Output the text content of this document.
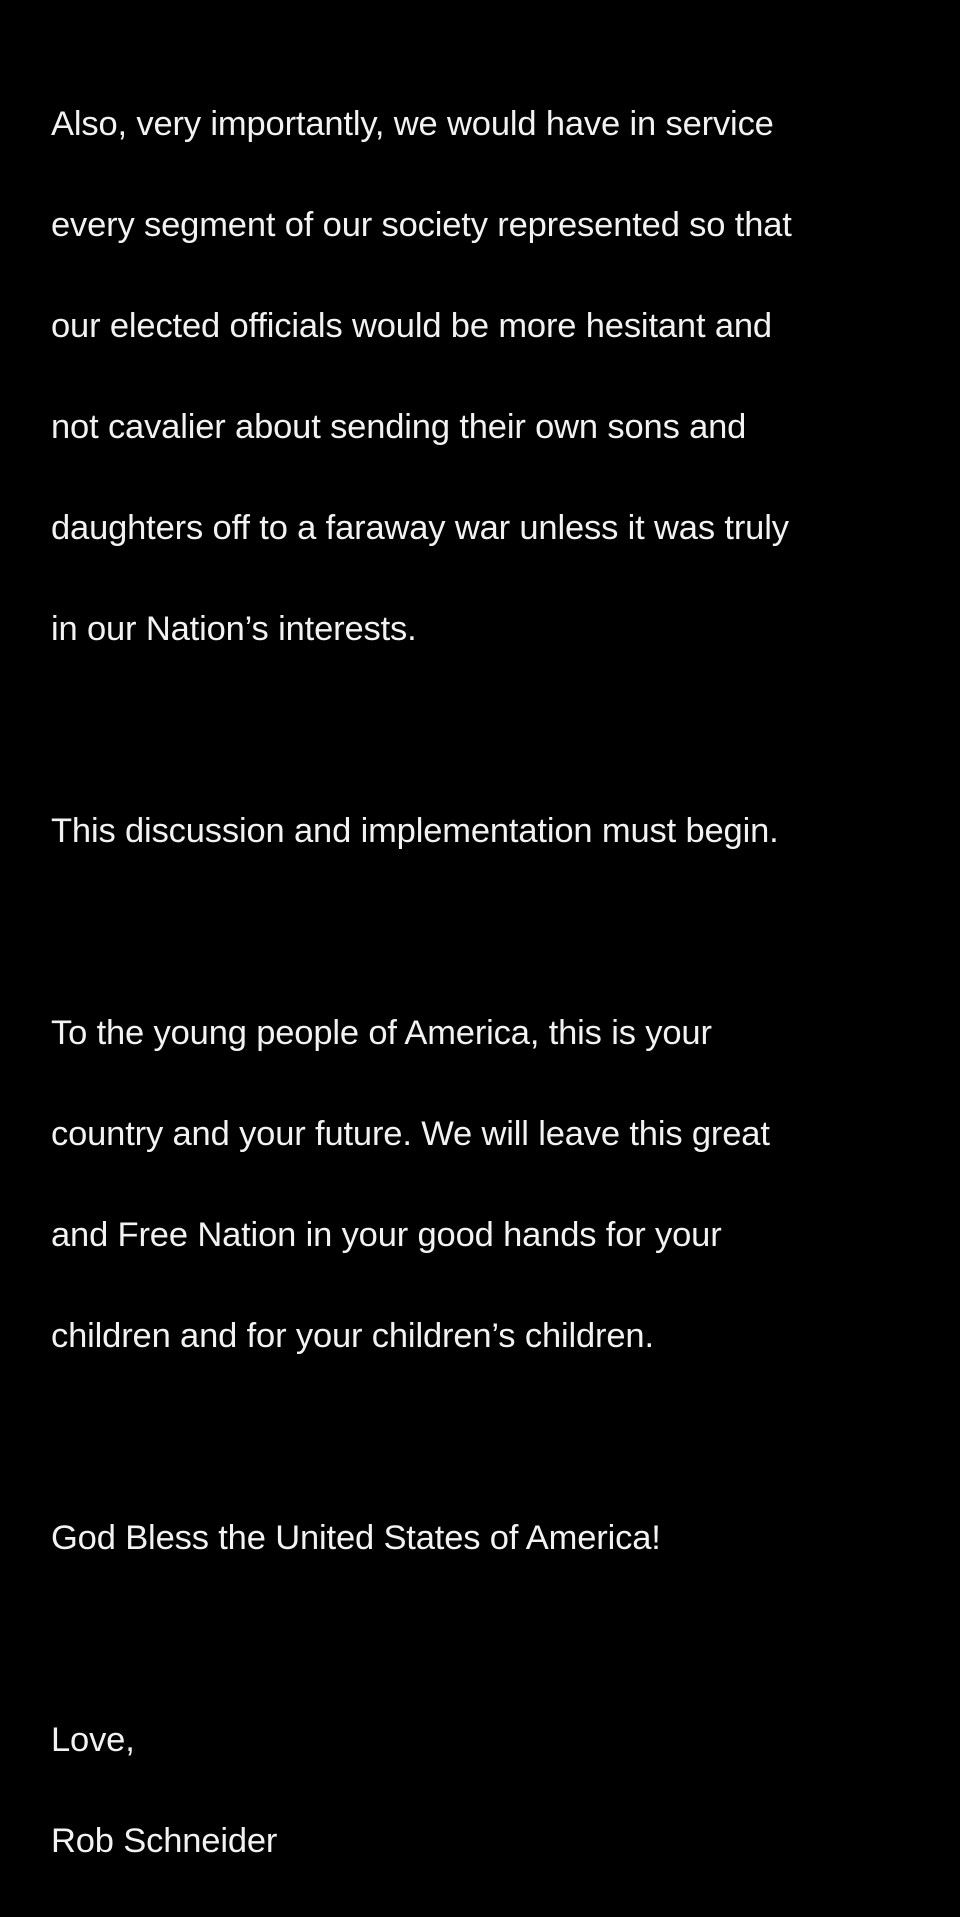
Also, very importantly, we would have in service

every segment of our society represented so that

our elected officials would be more hesitant and

not cavalier about sending their own sons and

daughters off to a faraway war unless it was truly

in our Nation’s interests.

This discussion and implementation must begin.

To the young people of America, this is your

country and your future. We will leave this great

and Free Nation in your good hands for your

children and for your children’s children.

God Bless the United States of America!

Love,

Rob Schneider
